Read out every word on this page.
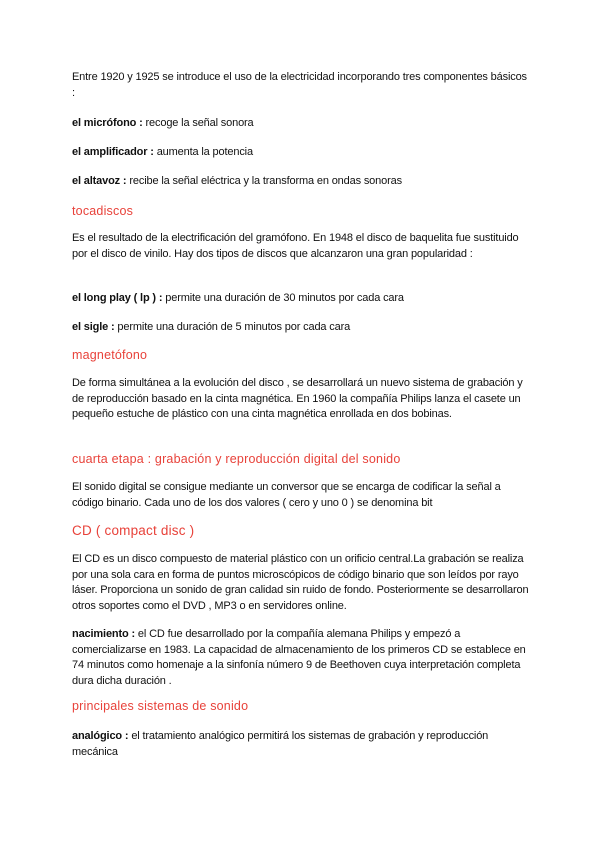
Entre 1920 y 1925 se introduce el uso de la electricidad incorporando tres componentes básicos :

el micrófono : recoge la señal sonora

el amplificador : aumenta la potencia

el altavoz : recibe la señal eléctrica y la transforma en ondas sonoras

tocadiscos

Es el resultado de la electrificación del gramófono. En 1948 el disco de baquelita fue sustituido por el disco de vinilo. Hay dos tipos de discos que alcanzaron una gran popularidad :

el long play ( lp ) : permite una duración de 30 minutos por cada cara

el sigle : permite una duración de 5 minutos por cada cara

magnetófono

De forma simultánea a la evolución del disco , se desarrollará un nuevo sistema de grabación y de reproducción basado en la cinta magnética. En 1960 la compañía Philips lanza el casete un pequeño estuche de plástico con una cinta magnética enrollada en dos bobinas.

cuarta etapa : grabación y reproducción digital del sonido

El sonido digital se consigue mediante un conversor que se encarga de codificar la señal a código binario. Cada uno de los dos valores ( cero y uno 0 ) se denomina bit

CD ( compact disc )

El CD es un disco compuesto de material plástico con un orificio central.La grabación se realiza por una sola cara en forma de puntos microscópicos de código binario que son leídos por rayo láser. Proporciona un sonido de gran calidad sin ruido de fondo. Posteriormente se desarrollaron otros soportes como el DVD , MP3 o en servidores online.

nacimiento : el CD fue desarrollado por la compañía alemana Philips y empezó a comercializarse en 1983. La capacidad de almacenamiento de los primeros CD se establece en 74 minutos como homenaje a la sinfonía número 9 de Beethoven cuya interpretación completa dura dicha duración .

principales sistemas de sonido

analógico : el tratamiento analógico permitirá los sistemas de grabación y reproducción mecánica
